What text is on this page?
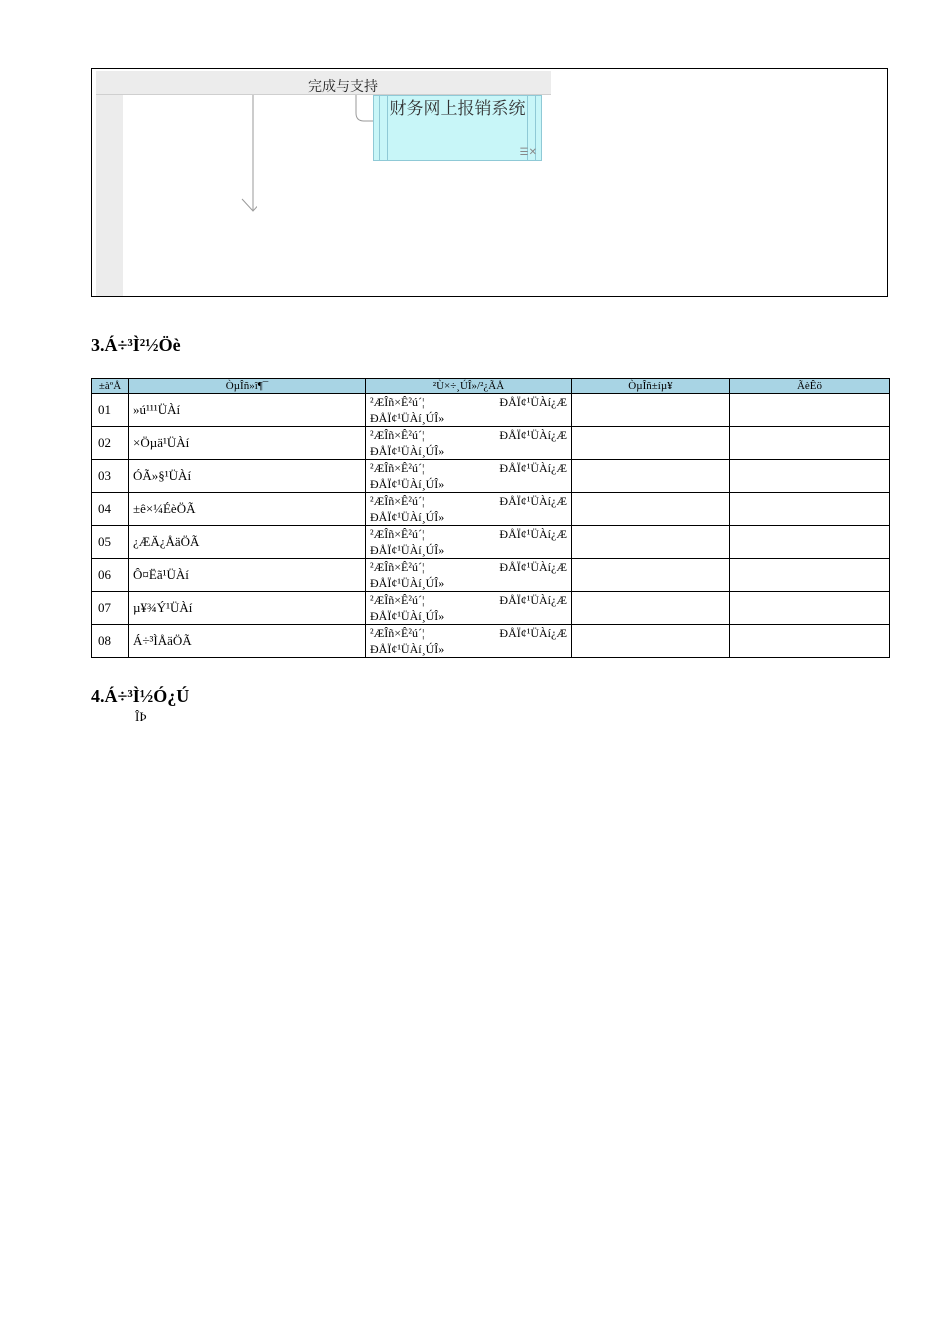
完成与支持
财务网上报销系统
☰✕
3.Á÷³Ì²½Öè
±àºÅ	ÒµÎñ»î¶¯	²Ù×÷¸ÚÎ»/²¿ÃÅ	ÒµÎñ±íµ¥	ÃèÊö
01	»ú¹¹¹ÜÀí	²ÆÎñ×Ê²ú´¦ ÐÅÏ¢¹ÜÀí¿Æ ÐÅÏ¢¹ÜÀí¸ÚÎ»		
02	×Öµä¹ÜÀí	²ÆÎñ×Ê²ú´¦ ÐÅÏ¢¹ÜÀí¿Æ ÐÅÏ¢¹ÜÀí¸ÚÎ»		
03	ÓÃ»§¹ÜÀí	²ÆÎñ×Ê²ú´¦ ÐÅÏ¢¹ÜÀí¿Æ ÐÅÏ¢¹ÜÀí¸ÚÎ»		
04	±ê×¼ÉèÖÃ	²ÆÎñ×Ê²ú´¦ ÐÅÏ¢¹ÜÀí¿Æ ÐÅÏ¢¹ÜÀí¸ÚÎ»		
05	¿ÆÄ¿ÅäÖÃ	²ÆÎñ×Ê²ú´¦ ÐÅÏ¢¹ÜÀí¿Æ ÐÅÏ¢¹ÜÀí¸ÚÎ»		
06	Ô¤Ëã¹ÜÀí	²ÆÎñ×Ê²ú´¦ ÐÅÏ¢¹ÜÀí¿Æ ÐÅÏ¢¹ÜÀí¸ÚÎ»		
07	µ¥¾Ý¹ÜÀí	²ÆÎñ×Ê²ú´¦ ÐÅÏ¢¹ÜÀí¿Æ ÐÅÏ¢¹ÜÀí¸ÚÎ»		
08	Á÷³ÌÅäÖÃ	²ÆÎñ×Ê²ú´¦ ÐÅÏ¢¹ÜÀí¿Æ ÐÅÏ¢¹ÜÀí¸ÚÎ»		
4.Á÷³Ì½Ó¿Ú
ÎÞ
